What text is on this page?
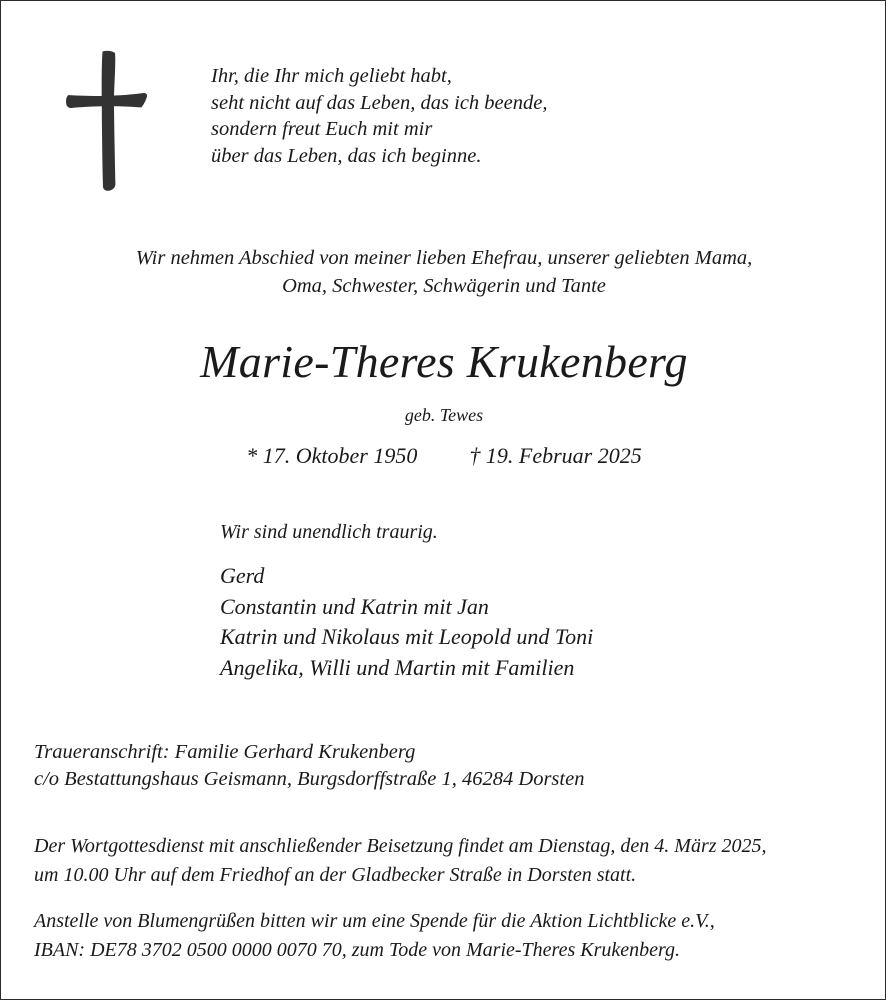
Ihr, die Ihr mich geliebt habt,
seht nicht auf das Leben, das ich beende,
sondern freut Euch mit mir
über das Leben, das ich beginne.
Wir nehmen Abschied von meiner lieben Ehefrau, unserer geliebten Mama,
Oma, Schwester, Schwägerin und Tante
Marie-Theres Krukenberg
geb. Tewes
* 17. Oktober 1950 † 19. Februar 2025
Wir sind unendlich traurig.
Gerd
Constantin und Katrin mit Jan
Katrin und Nikolaus mit Leopold und Toni
Angelika, Willi und Martin mit Familien
Traueranschrift: Familie Gerhard Krukenberg
c/o Bestattungshaus Geismann, Burgsdorffstraße 1, 46284 Dorsten
Der Wortgottesdienst mit anschließender Beisetzung findet am Dienstag, den 4. März 2025,
um 10.00 Uhr auf dem Friedhof an der Gladbecker Straße in Dorsten statt.
Anstelle von Blumengrüßen bitten wir um eine Spende für die Aktion Lichtblicke e.V.,
IBAN: DE78 3702 0500 0000 0070 70, zum Tode von Marie-Theres Krukenberg.
